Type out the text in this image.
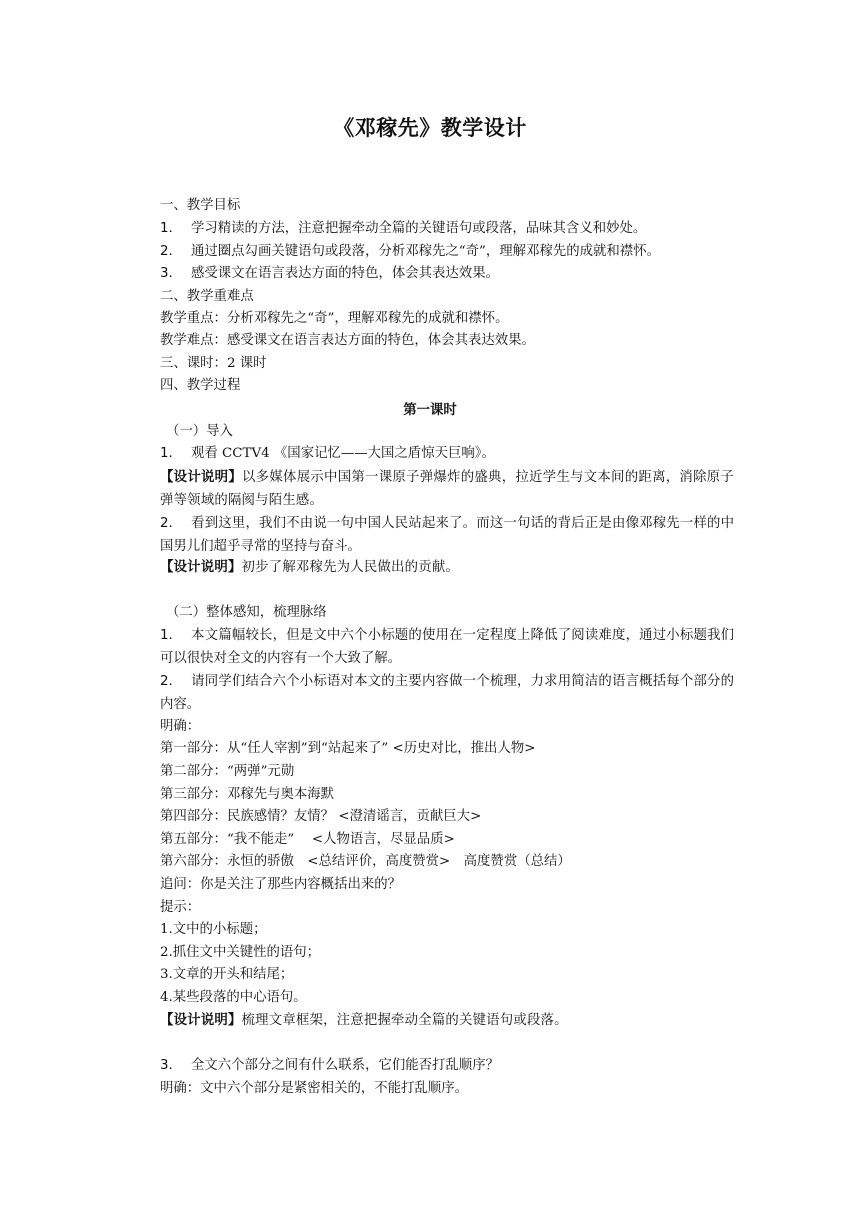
《邓稼先》教学设计
一、教学目标
1. 学习精读的方法，注意把握牵动全篇的关键语句或段落，品味其含义和妙处。
2. 通过圈点勾画关键语句或段落，分析邓稼先之“奇”，理解邓稼先的成就和襟怀。
3. 感受课文在语言表达方面的特色，体会其表达效果。
二、教学重难点
教学重点：分析邓稼先之“奇”，理解邓稼先的成就和襟怀。
教学难点：感受课文在语言表达方面的特色，体会其表达效果。
三、课时：2 课时
四、教学过程
第一课时
（一）导入
1. 观看 CCTV4 《国家记忆——大国之盾惊天巨响》。
【设计说明】以多媒体展示中国第一课原子弹爆炸的盛典，拉近学生与文本间的距离，消除原子弹等领域的隔阂与陌生感。
2. 看到这里，我们不由说一句中国人民站起来了。而这一句话的背后正是由像邓稼先一样的中国男儿们超乎寻常的坚持与奋斗。
【设计说明】初步了解邓稼先为人民做出的贡献。
（二）整体感知，梳理脉络
1. 本文篇幅较长，但是文中六个小标题的使用在一定程度上降低了阅读难度，通过小标题我们可以很快对全文的内容有一个大致了解。
2. 请同学们结合六个小标语对本文的主要内容做一个梳理，力求用简洁的语言概括每个部分的内容。
明确：
第一部分：从“任人宰割”到“站起来了” <历史对比，推出人物>
第二部分：“两弹”元勋
第三部分：邓稼先与奥本海默
第四部分：民族感情？友情？ <澄清谣言，贡献巨大>
第五部分：“我不能走”　 <人物语言，尽显品质>
第六部分：永恒的骄傲　<总结评价，高度赞赏>　高度赞赏（总结）
追问：你是关注了那些内容概括出来的？
提示：
1.文中的小标题；
2.抓住文中关键性的语句；
3.文章的开头和结尾；
4.某些段落的中心语句。
【设计说明】梳理文章框架，注意把握牵动全篇的关键语句或段落。
3. 全文六个部分之间有什么联系，它们能否打乱顺序？
明确：文中六个部分是紧密相关的，不能打乱顺序。
